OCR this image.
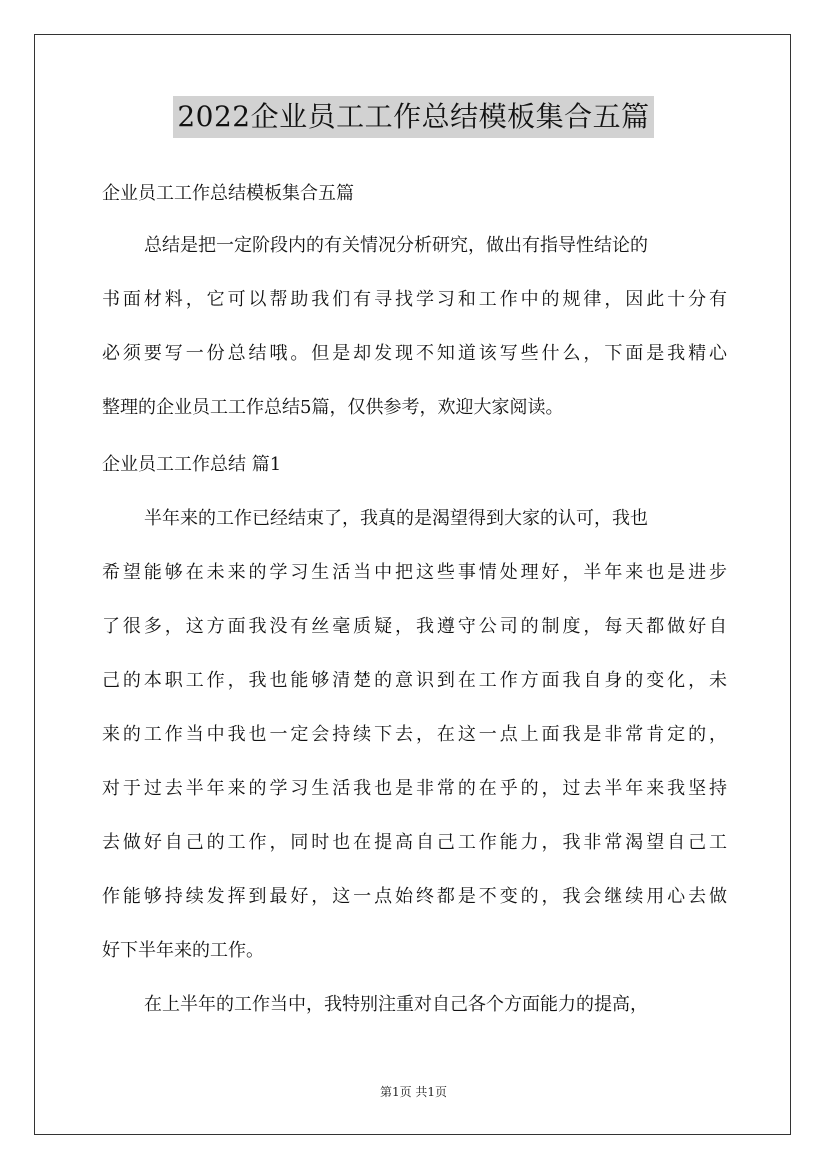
2022企业员工工作总结模板集合五篇
企业员工工作总结模板集合五篇
总结是把一定阶段内的有关情况分析研究，做出有指导性结论的
书面材料，它可以帮助我们有寻找学习和工作中的规律，因此十分有
必须要写一份总结哦。但是却发现不知道该写些什么，下面是我精心
整理的企业员工工作总结5篇，仅供参考，欢迎大家阅读。
企业员工工作总结 篇1
半年来的工作已经结束了，我真的是渴望得到大家的认可，我也
希望能够在未来的学习生活当中把这些事情处理好，半年来也是进步
了很多，这方面我没有丝毫质疑，我遵守公司的制度，每天都做好自
己的本职工作，我也能够清楚的意识到在工作方面我自身的变化，未
来的工作当中我也一定会持续下去，在这一点上面我是非常肯定的，
对于过去半年来的学习生活我也是非常的在乎的，过去半年来我坚持
去做好自己的工作，同时也在提高自己工作能力，我非常渴望自己工
作能够持续发挥到最好，这一点始终都是不变的，我会继续用心去做
好下半年来的工作。
在上半年的工作当中，我特别注重对自己各个方面能力的提高，
第1页 共1页
